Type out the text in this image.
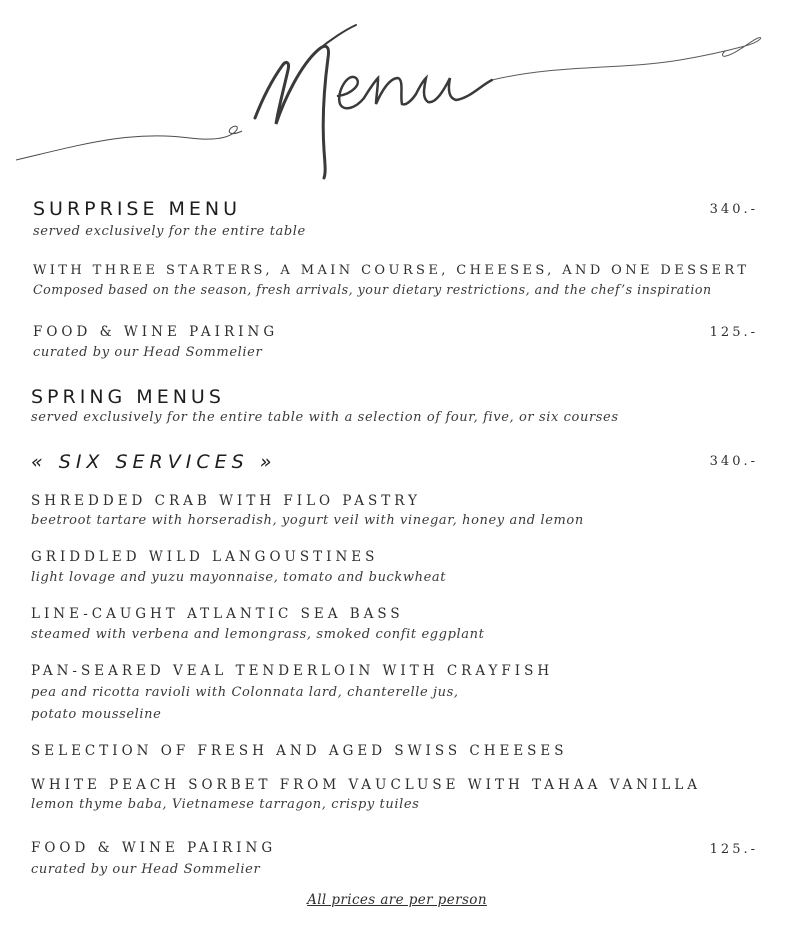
SURPRISE MENU	340.-
served exclusively for the entire table
WITH THREE STARTERS, A MAIN COURSE, CHEESES, AND ONE DESSERT
Composed based on the season, fresh arrivals, your dietary restrictions, and the chef’s inspiration
FOOD & WINE PAIRING	125.-
curated by our Head Sommelier
SPRING MENUS
served exclusively for the entire table with a selection of four, five, or six courses
« SIX SERVICES »	340.-
SHREDDED CRAB WITH FILO PASTRY
beetroot tartare with horseradish, yogurt veil with vinegar, honey and lemon
GRIDDLED WILD LANGOUSTINES
light lovage and yuzu mayonnaise, tomato and buckwheat
LINE-CAUGHT ATLANTIC SEA BASS
steamed with verbena and lemongrass, smoked confit eggplant
PAN-SEARED VEAL TENDERLOIN WITH CRAYFISH
pea and ricotta ravioli with Colonnata lard, chanterelle jus,
potato mousseline
SELECTION OF FRESH AND AGED SWISS CHEESES
WHITE PEACH SORBET FROM VAUCLUSE WITH TAHAA VANILLA
lemon thyme baba, Vietnamese tarragon, crispy tuiles
FOOD & WINE PAIRING	125.-
curated by our Head Sommelier
All prices are per person
